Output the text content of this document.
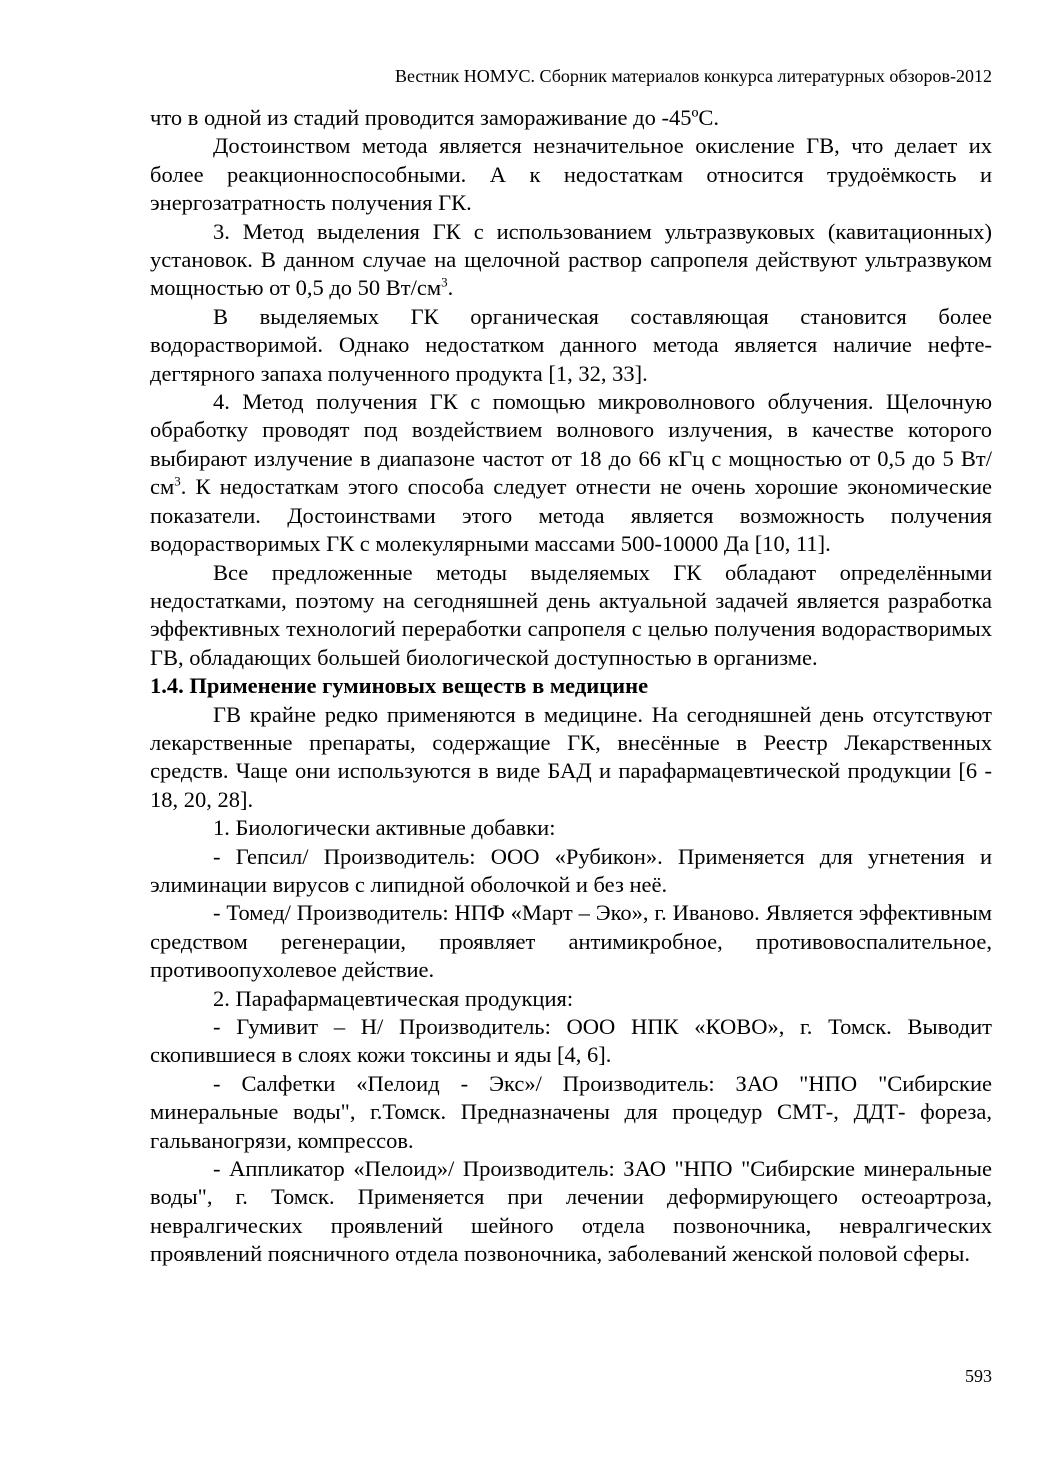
Вестник НОМУС. Сборник материалов конкурса литературных обзоров-2012

что в одной из стадий проводится замораживание до -45ºС.

Достоинством метода является незначительное окисление ГВ, что делает их более реакционноспособными. А к недостаткам относится трудоёмкость и энергозатратность получения ГК.

3. Метод выделения ГК с использованием ультразвуковых (кавитационных) установок. В данном случае на щелочной раствор сапропеля действуют ультразвуком мощностью от 0,5 до 50 $Вт/см^3$.

В выделяемых ГК органическая составляющая становится более водорастворимой. Однако недостатком данного метода является наличие нефте-дегтярного запаха полученного продукта [1, 32, 33].

4. Метод получения ГК с помощью микроволнового облучения. Щелочную обработку проводят под воздействием волнового излучения, в качестве которого выбирают излучение в диапазоне частот от 18 до 66 кГц с мощностью от 0,5 до 5 $Вт/см^3$. К недостаткам этого способа следует отнести не очень хорошие экономические показатели. Достоинствами этого метода является возможность получения водорастворимых ГК с молекулярными массами 500-10000 Да [10, 11].

Все предложенные методы выделяемых ГК обладают определёнными недостатками, поэтому на сегодняшней день актуальной задачей является разработка эффективных технологий переработки сапропеля с целью получения водорастворимых ГВ, обладающих большей биологической доступностью в организме.

1.4. Применение гуминовых веществ в медицине

ГВ крайне редко применяются в медицине. На сегодняшней день отсутствуют лекарственные препараты, содержащие ГК, внесённые в Реестр Лекарственных средств. Чаще они используются в виде БАД и парафармацевтической продукции [6 - 18, 20, 28].

1. Биологически активные добавки:

- Гепсил/ Производитель: ООО «Рубикон». Применяется для угнетения и элиминации вирусов с липидной оболочкой и без неё.

- Томед/ Производитель: НПФ «Март – Эко», г. Иваново. Является эффективным средством регенерации, проявляет антимикробное, противовоспалительное, противоопухолевое действие.

2. Парафармацевтическая продукция:

- Гумивит – Н/ Производитель: ООО НПК «КОВО», г. Томск. Выводит скопившиеся в слоях кожи токсины и яды [4, 6].

- Салфетки «Пелоид - Экс»/ Производитель: ЗАО "НПО "Сибирские минеральные воды", г.Томск. Предназначены для процедур СМТ-, ДДТ- фореза, гальваногрязи, компрессов.

- Аппликатор «Пелоид»/ Производитель: ЗАО "НПО "Сибирские минеральные воды", г. Томск. Применяется при лечении деформирующего остеоартроза, невралгических проявлений шейного отдела позвоночника, невралгических проявлений поясничного отдела позвоночника, заболеваний женской половой сферы.

593
